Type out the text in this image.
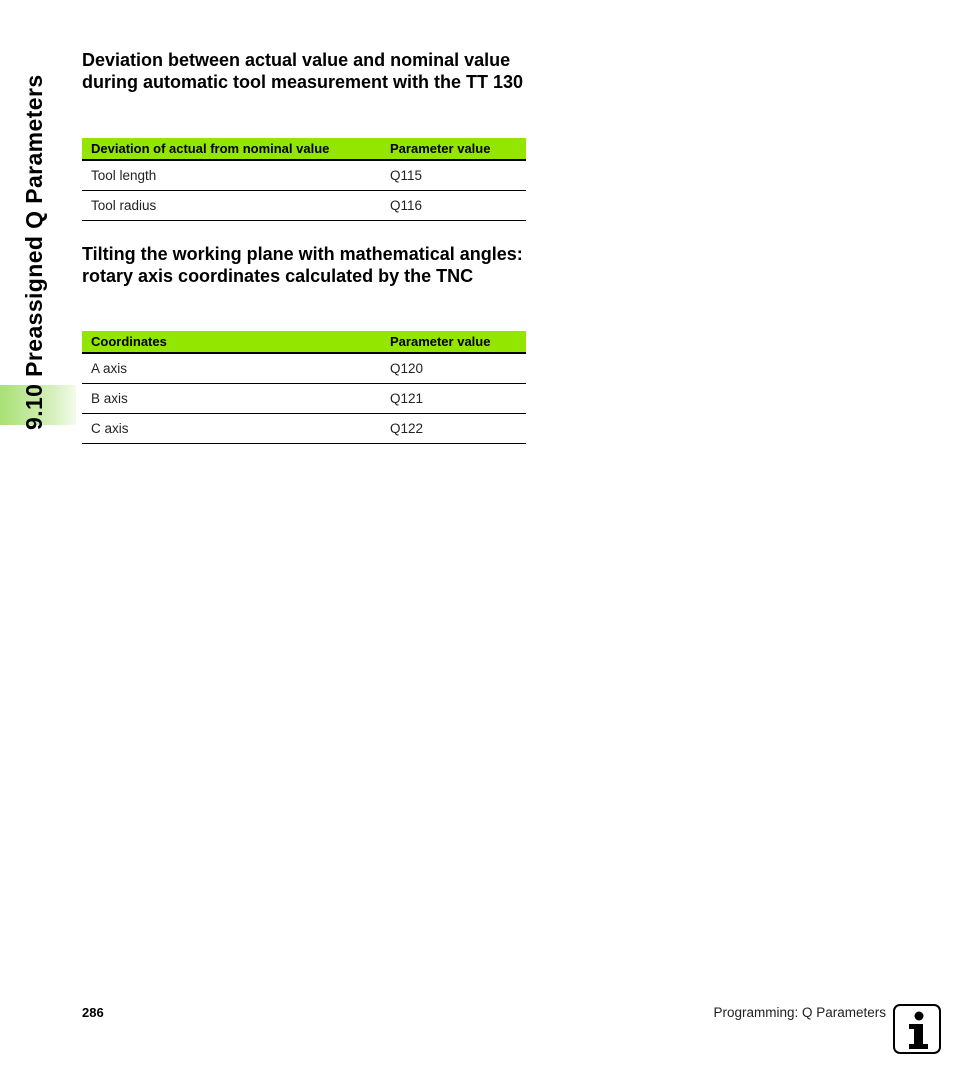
9.10 Preassigned Q Parameters
Deviation between actual value and nominal value during automatic tool measurement with the TT 130
Deviation of actual from nominal value	Parameter value
Tool length	Q115
Tool radius	Q116
Tilting the working plane with mathematical angles: rotary axis coordinates calculated by the TNC
Coordinates	Parameter value
A axis	Q120
B axis	Q121
C axis	Q122
286	Programming: Q Parameters
